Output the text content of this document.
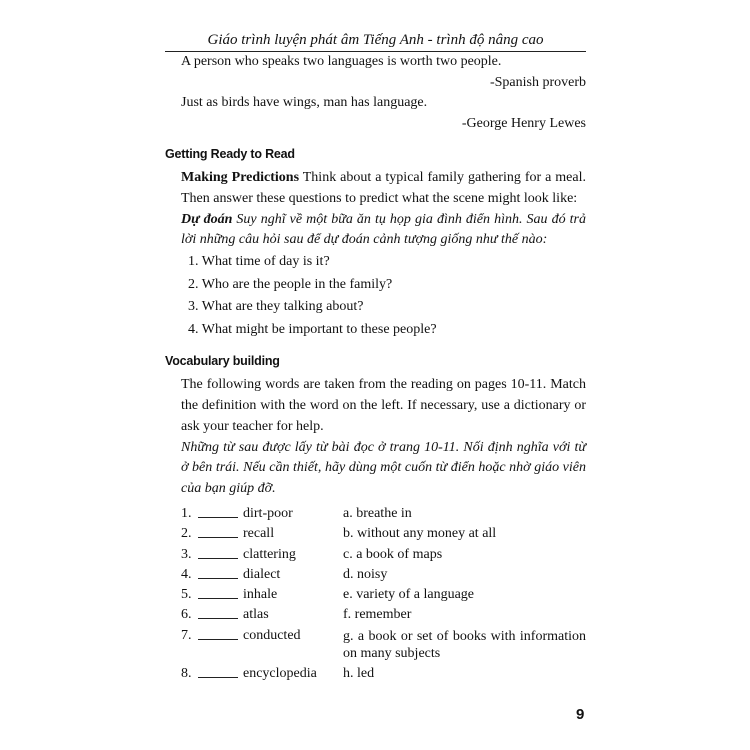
Giáo trình luyện phát âm Tiếng Anh - trình độ nâng cao
A person who speaks two languages is worth two people.
-Spanish proverb
Just as birds have wings, man has language.
-George Henry Lewes
Getting Ready to Read
Making Predictions Think about a typical family gathering for a meal. Then answer these questions to predict what the scene might look like:
Dự đoán Suy nghĩ về một bữa ăn tụ họp gia đình điển hình. Sau đó trả lời những câu hỏi sau để dự đoán cảnh tượng giống như thế nào:
1. What time of day is it?
2. Who are the people in the family?
3. What are they talking about?
4. What might be important to these people?
Vocabulary building
The following words are taken from the reading on pages 10-11. Match the definition with the word on the left. If necessary, use a dictionary or ask your teacher for help.
Những từ sau được lấy từ bài đọc ở trang 10-11. Nối định nghĩa với từ ở bên trái. Nếu cần thiết, hãy dùng một cuốn từ điển hoặc nhờ giáo viên của bạn giúp đỡ.
1.	dirt-poor	a. breathe in
2.	recall	b. without any money at all
3.	clattering	c. a book of maps
4.	dialect	d. noisy
5.	inhale	e. variety of a language
6.	atlas	f. remember
7.	conducted	g. a book or set of books with information on many subjects
8.	encyclopedia	h. led
9
